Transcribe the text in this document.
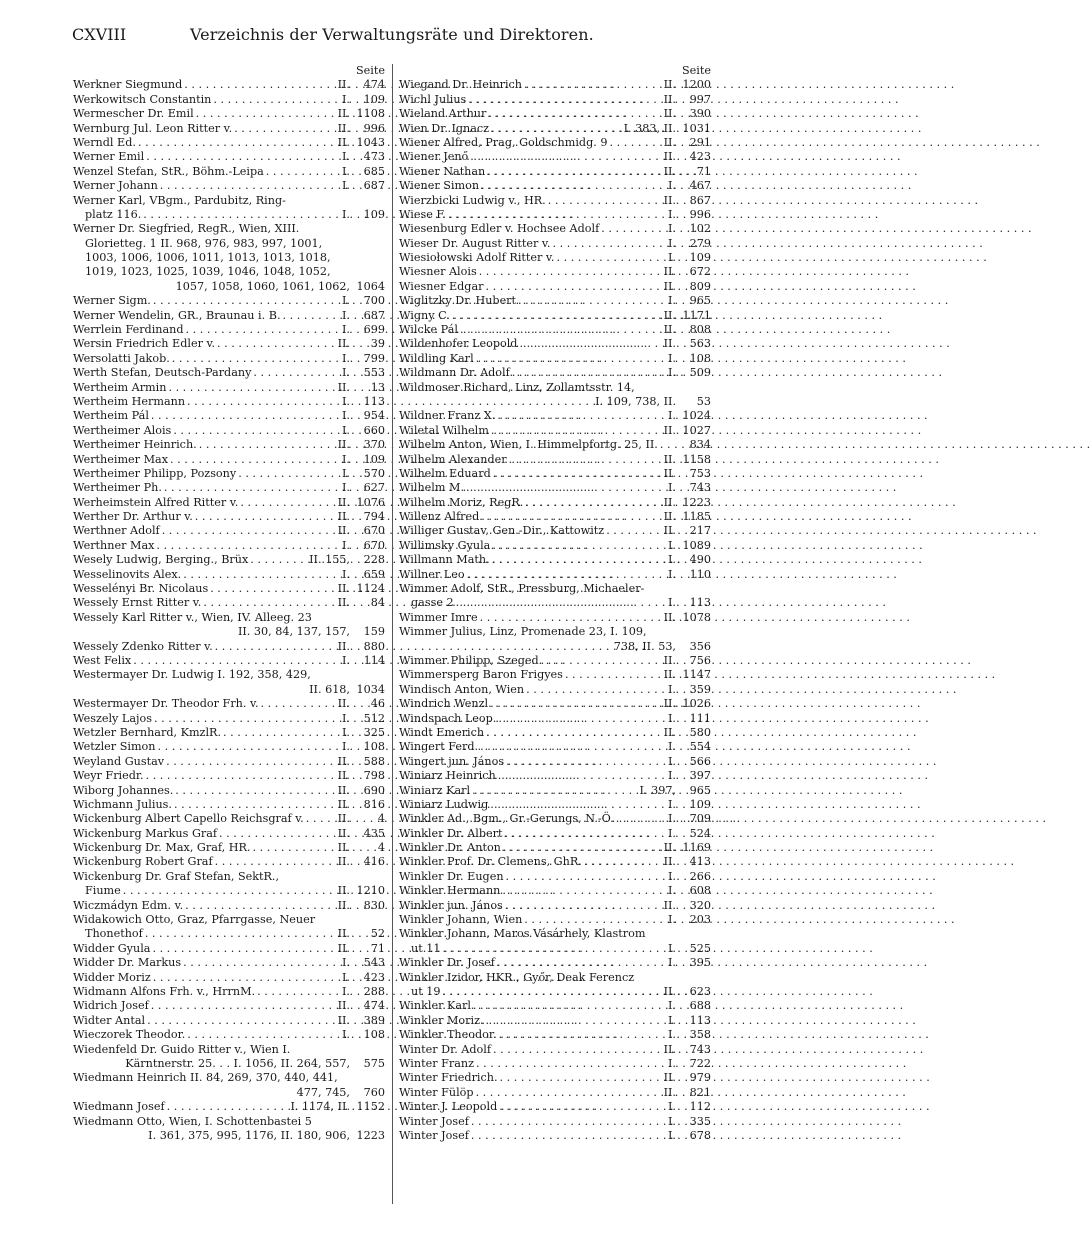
CXVIII	Verzeichnis der Verwaltungsräte und Direktoren.
Seite
Werkner Siegmund . . .	II.	474
Werkowitsch Constantin . . .	I.	109
Wermescher Dr. Emil . . .	II. 1108
Wernburg Jul. Leon Ritter v. . . .	II.	996
Werndl Ed. . . .	II. 1043
Werner Emil . . .	I.	473
Wenzel Stefan, StR., Böhm.-Leipa . . .	I.	685
Werner Johann . . .	I.	687
Werner Karl, VBgm., Pardubitz, Ring-
platz 116. . . .	I.	109
Werner Dr. Siegfried, RegR., Wien, XIII.
Glorietteg. 1 II. 968, 976, 983, 997, 1001,
1003, 1006, 1006, 1011, 1013, 1013, 1018,
1019, 1023, 1025, 1039, 1046, 1048, 1052,
1057, 1058, 1060, 1061, 1062, 1064
Werner Sigm. . . .	I.	700
Werner Wendelin, GR., Braunau i. B. . . .	I.	687
Werrlein Ferdinand . . .	I.	699
Wersin Friedrich Edler v. . . .	II.	39
Wersolatti Jakob. . . .	I.	799
Werth Stefan, Deutsch-Pardany . . .	I.	553
Wertheim Armin . . .	II.	13
Wertheim Hermann . . .	I.	113
Wertheim Pál . . .	I.	954
Wertheimer Alois . . .	I.	660
Wertheimer Heinrich. . . .	II.	370
Wertheimer Max . . .	I.	109
Wertheimer Philipp, Pozsony . . .	I.	570
Wertheimer Ph. . . .	I.	627
Werheimstein Alfred Ritter v. . . .	II. 1076
Werther Dr. Arthur v. . . .	II.	794
Werthner Adolf . . .	II.	670
Werthner Max . . .	I.	670
Wesely Ludwig, Berging., Brüx . . .	II. 155,	228
Wesselinovits Alex. . . .	I.	659
Wesselényi Br. Nicolaus . . .	II. 1124
Wessely Ernst Ritter v. . . .	II.	84
Wessely Karl Ritter v., Wien, IV. Alleeg. 23
II. 30, 84, 137, 157,	159
Wessely Zdenko Ritter v. . . .	II.	880
West Felix . . .	I.	114
Westermayer Dr. Ludwig I. 192, 358, 429,
II. 618, 1034
Westermayer Dr. Theodor Frh. v. . . .	II.	46
Weszely Lajos . . .	I.	512
Wetzler Bernhard, KmzlR. . . .	I.	325
Wetzler Simon . . .	I.	108
Weyland Gustav . . .	II.	588
Weyr Friedr. . . .	II.	798
Wiborg Johannes. . . .	II.	690
Wichmann Julius. . . .	II.	816
Wickenburg Albert Capello Reichsgraf v. . . .	II.	4
Wickenburg Markus Graf . . .	II.	435
Wickenburg Dr. Max, Graf, HR. . . .	II.	4
Wickenburg Robert Graf . . .	II.	416
Wickenburg Dr. Graf Stefan, SektR.,
Fiume . . .	II. 1210
Wiczmádyn Edm. v. . . .	II.	830
Widakowich Otto, Graz, Pfarrgasse, Neuer
Thonethof . . .	II.	52
Widder Gyula . . .	II.	71
Widder Dr. Markus . . .	I.	543
Widder Moriz . . .	I.	423
Widmann Alfons Frh. v., HrrnM. . . .	I.	288
Widrich Josef . . .	II.	474
Widter Antal . . .	II.	389
Wieczorek Theodor. . . .	I.	108
Wiedenfeld Dr. Guido Ritter v., Wien I.
Kärntnerstr. 25. . . I. 1056, II. 264, 557,	575
Wiedmann Heinrich II. 84, 269, 370, 440, 441,
477, 745,	760
Wiedmann Josef . . .	I. 1174, II. 1152
Wiedmann Otto, Wien, I. Schottenbastei 5
I. 361, 375, 995, 1176, II. 180, 906, 1223
Seite
Wiegand Dr. Heinrich . . .	II. 1200
Wichl Julius . . .	II.	997
Wieland Arthur . . .	II.	390
Wien Dr. Ignacz . . .	I. 383, II. 1031
Wiener Alfred, Prag, Goldschmidg. 9 . . .	II.	291
Wiener Jenő . . .	II.	423
Wiener Nathan . . .	II.	71
Wiener Simon . . .	I.	467
Wierzbicki Ludwig v., HR. . . .	II.	867
Wiese F. . . .	I.	996
Wiesenburg Edler v. Hochsee Adolf . . .	I.	102
Wieser Dr. August Ritter v. . . .	I.	279
Wiesiołowski Adolf Ritter v. . . .	I.	109
Wiesner Alois . . .	II.	672
Wiesner Edgar . . .	II.	809
Wiglitzky Dr. Hubert . . .	I.	965
Wigny C. . . .	II. 1171
Wilcke Pál . . .	II.	808
Wildenhofer Leopold . . .	II.	563
Wildling Karl . . .	I.	108
Wildmann Dr. Adolf . . .	I.	509
Wildmoser Richard, Linz, Zollamtsstr. 14,
I. 109, 738, II.	53
Wildner Franz X. . . .	I. 1024
Wiletal Wilhelm . . .	II. 1027
Wilhelm Anton, Wien, I. Himmelpfortg. 25, II. . . .	834
Wilhelm Alexander . . .	II. 1158
Wilhelm Eduard . . .	II.	753
Wilhelm M. . . .	I.	743
Wilhelm Moriz, RegR. . . .	II. 1223
Willenz Alfred . . .	II. 1185
Williger Gustav, Gen.-Dir., Kattowitz . . .	II.	217
Willimsky Gyula . . .	I. 1089
Willmann Math. . . .	I.	490
Willner Leo . . .	I.	110
Wimmer Adolf, StR., Pressburg, Michaeler-
gasse 2 . . .	I.	113
Wimmer Imre . . .	II. 1078
Wimmer Julius, Linz, Promenade 23, I. 109,
738, II. 53,	356
Wimmer Philipp, Szeged . . .	II.	756
Wimmersperg Baron Frigyes . . .	II. 1147
Windisch Anton, Wien . . .	I.	359
Windrich Wenzl . . .	II. 1026
Windspach Leop. . . .	I.	111
Windt Emerich . . .	II.	580
Wingert Ferd. . . .	I.	554
Wingert jun. János . . .	I.	566
Winiarz Heinrich . . .	I.	397
Winiarz Karl . . .	I. 397,	965
Winiarz Ludwig . . .	I.	109
Winkler Ad., Bgm., Gr.-Gerungs, N.-Ö. . . .	I.	709
Winkler Dr. Albert . . .	I.	524
Winkler Dr. Anton . . .	II. 1169
Winkler Prof. Dr. Clemens, GhR. . . .	II.	413
Winkler Dr. Eugen . . .	I.	266
Winkler Hermann . . .	I.	608
Winkler jun. János . . .	II.	320
Winkler Johann, Wien . . .	I.	203
Winkler Johann, Maros Vásárhely, Klastrom
ut 11 . . .	I.	525
Winkler Dr. Josef . . .	I.	395
Winkler Izidor, HKR., Győr, Deak Ferencz
ut 19 . . .	II.	623
Winkler Karl . . .	I.	688
Winkler Moriz. . . .	I.	113
Winkler Theodor. . . .	I.	358
Winter Dr. Adolf . . .	II.	743
Winter Franz . . .	I.	722
Winter Friedrich. . . .	II.	979
Winter Fülöp . . .	II.	821
Winter J. Leopold . . .	I.	112
Winter Josef . . .	I.	335
Winter Josef . . .	I.	678
